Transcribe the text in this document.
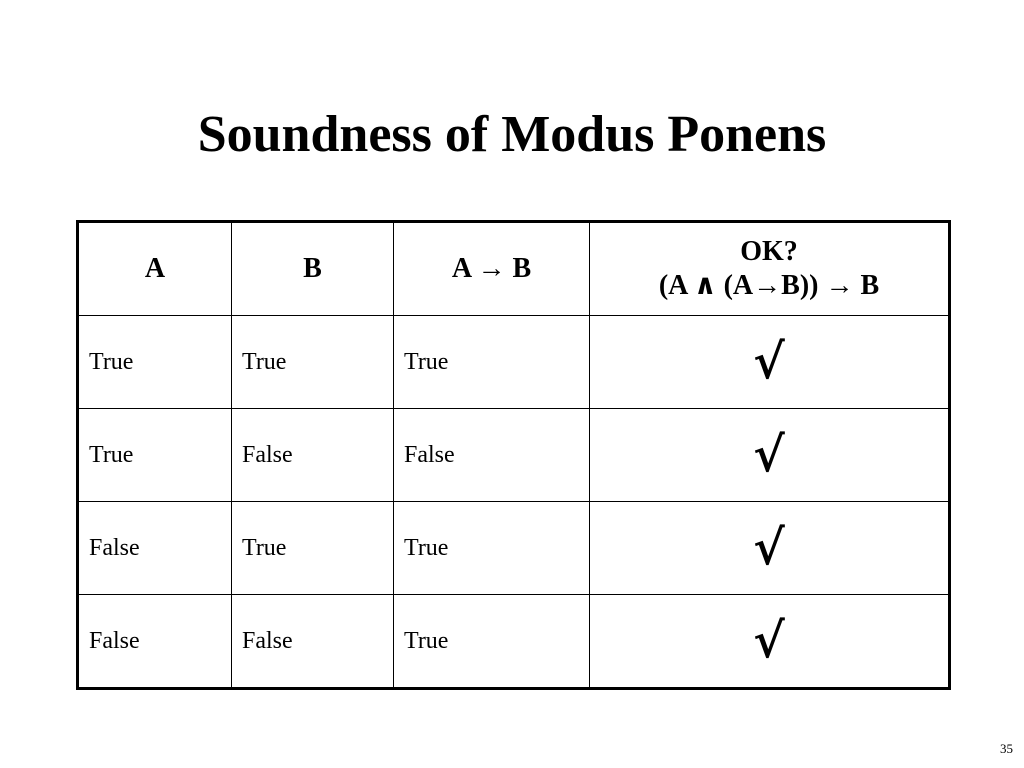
Soundness of Modus Ponens
A	B	A → B	OK?
(A ∧ (A→B)) → B

True	True	True	√
True	False	False	√
False	True	True	√
False	False	True	√
35
